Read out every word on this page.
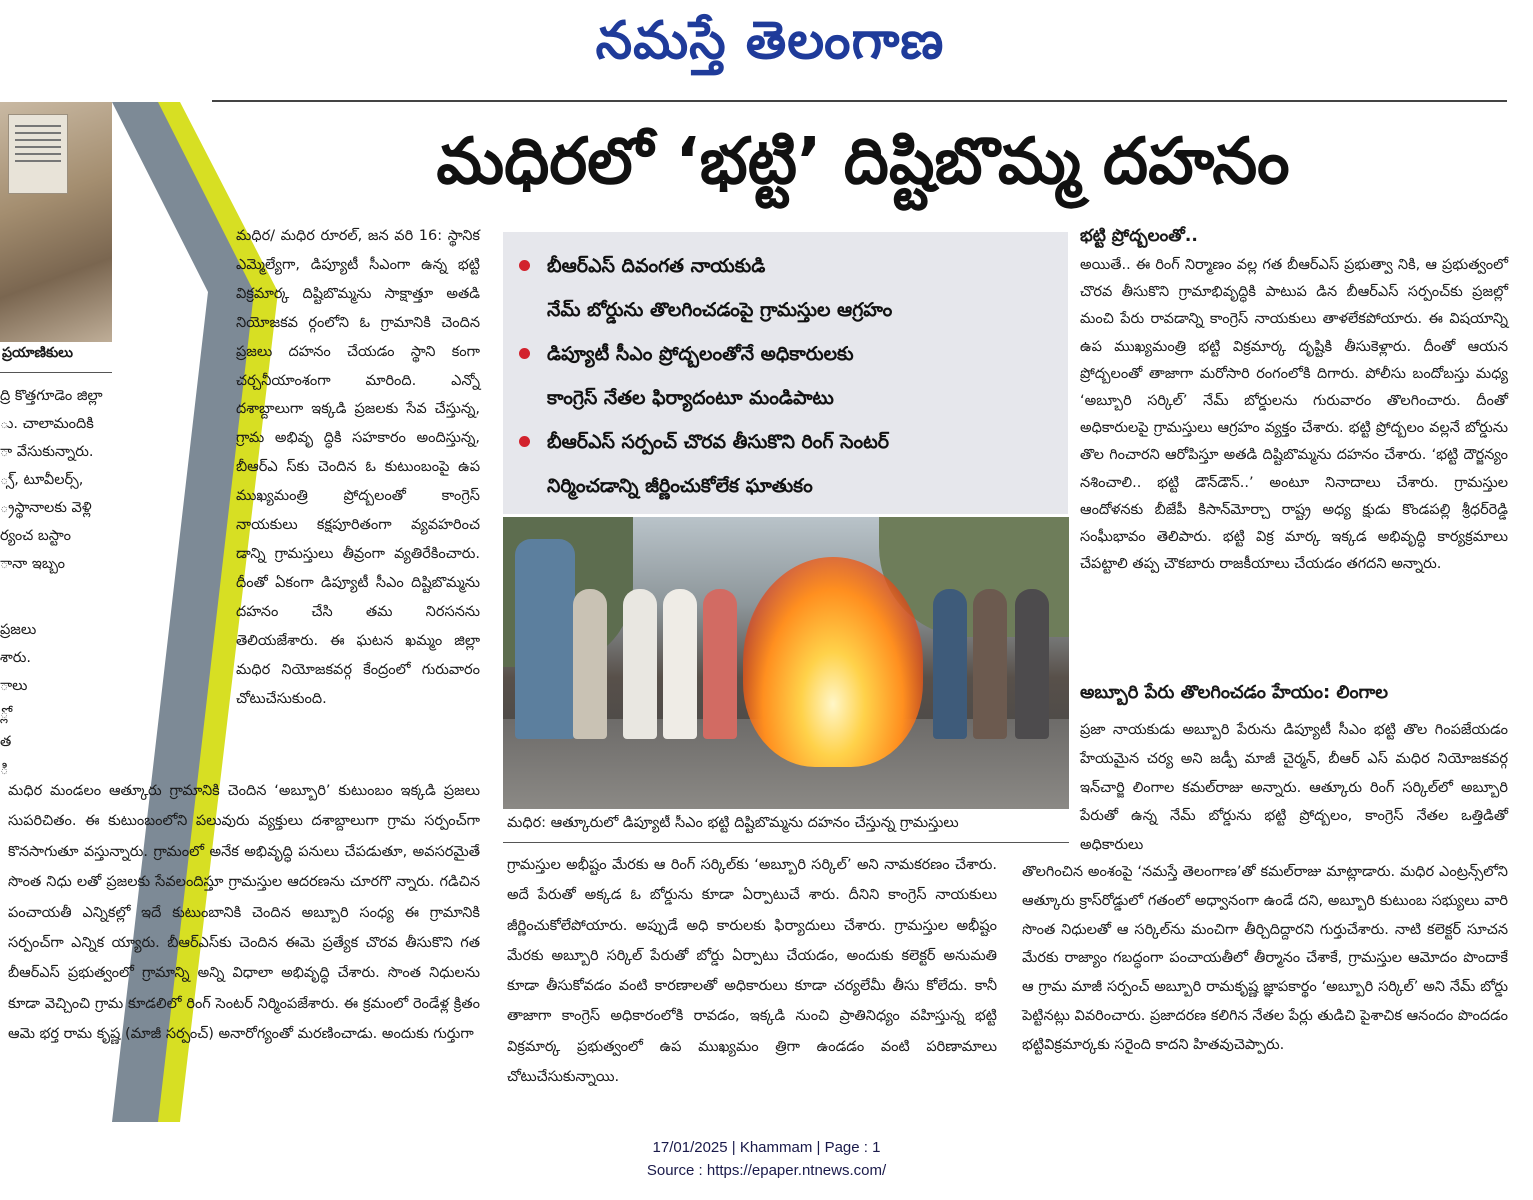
నమస్తే తెలంగాణ
మధిరలో ‘భట్టి’ దిష్టిబొమ్మ దహనం
ప్రయాణికులు

ద్రి కొత్తగూడెం జిల్లా

ు. చాలామందికి

ా వేసుకున్నారు.

్స్, టూవీలర్స్,

్రస్థానాలకు వెళ్లి

ర్యంచ బస్టాం

ానా ఇబ్బం

ప్రజలు

శారు.

ాలు

్లో

త

ి

మధిర/ మధిర రూరల్, జన వరి 16: స్థానిక ఎమ్మెల్యేగా, డిప్యూటీ సీఎంగా ఉన్న భట్టి విక్రమార్క దిష్టిబొమ్మను సాక్షాత్తూ అతడి నియోజకవ ర్గంలోని ఓ గ్రామానికి చెందిన ప్రజలు దహనం చేయడం స్థాని కంగా చర్చనీయాంశంగా మారింది. ఎన్నో దశాబ్దాలుగా ఇక్కడి ప్రజలకు సేవ చేస్తున్న, గ్రామ అభివృ ద్ధికి సహకారం అందిస్తున్న, బీఆర్ఎ స్‌కు చెందిన ఓ కుటుంబంపై ఉప ముఖ్యమంత్రి ప్రోద్బలంతో కాంగ్రెస్ నాయకులు కక్షపూరితంగా వ్యవహరించ డాన్ని గ్రామస్తులు తీవ్రంగా వ్యతిరేకించారు. దీంతో ఏకంగా డిప్యూటీ సీఎం దిష్టిబొమ్మను దహనం చేసి తమ నిరసనను తెలియజేశారు. ఈ ఘటన ఖమ్మం జిల్లా మధిర నియోజకవర్గ కేంద్రంలో గురువారం చోటుచేసుకుంది.
మధిర మండలం ఆత్కూరు గ్రామానికి చెందిన ‘అబ్బూరి’ కుటుంబం ఇక్కడి ప్రజలు సుపరిచితం. ఈ కుటుంబంలోని పలువురు వ్యక్తులు దశాబ్దాలుగా గ్రామ సర్పంచ్‌గా కొనసాగుతూ వస్తున్నారు. గ్రామంలో అనేక అభివృద్ధి పనులు చేపడుతూ, అవసరమైతే సొంత నిధు లతో ప్రజలకు సేవలందిస్తూ గ్రామస్తుల ఆదరణను చూరగొ న్నారు. గడిచిన పంచాయతీ ఎన్నికల్లో ఇదే కుటుంబానికి చెందిన అబ్బూరి సంధ్య ఈ గ్రామానికి సర్పంచ్‌గా ఎన్నిక య్యారు. బీఆర్ఎస్‌కు చెందిన ఈమె ప్రత్యేక చొరవ తీసుకొని గత బీఆర్ఎస్ ప్రభుత్వంలో గ్రామాన్ని అన్ని విధాలా అభివృద్ధి చేశారు. సొంత నిధులను కూడా వెచ్చించి గ్రామ కూడలిలో రింగ్ సెంటర్ నిర్మింపజేశారు. ఈ క్రమంలో రెండేళ్ల క్రితం ఆమె భర్త రామ కృష్ణ (మాజీ సర్పంచ్) అనారోగ్యంతో మరణించాడు. అందుకు గుర్తుగా
బీఆర్ఎస్ దివంగత నాయకుడి
నేమ్ బోర్డును తొలగించడంపై గ్రామస్తుల ఆగ్రహం
డిప్యూటీ సీఎం ప్రోద్బలంతోనే అధికారులకు
కాంగ్రెస్ నేతల ఫిర్యాదంటూ మండిపాటు
బీఆర్ఎస్ సర్పంచ్ చొరవ తీసుకొని రింగ్ సెంటర్
నిర్మించడాన్ని జీర్ణించుకోలేక ఘాతుకం
మధిర: ఆత్కూరులో డిప్యూటీ సీఎం భట్టి దిష్టిబొమ్మను దహనం చేస్తున్న గ్రామస్తులు
గ్రామస్తుల అభీష్టం మేరకు ఆ రింగ్ సర్కిల్‌కు ‘అబ్బూరి సర్కిల్’ అని నామకరణం చేశారు. అదే పేరుతో అక్కడ ఓ బోర్డును కూడా ఏర్పాటుచే శారు. దీనిని కాంగ్రెస్ నాయకులు జీర్ణించుకోలేపోయారు. అప్పుడే అధి కారులకు ఫిర్యాదులు చేశారు. గ్రామస్తుల అభీష్టం మేరకు అబ్బూరి సర్కిల్ పేరుతో బోర్డు ఏర్పాటు చేయడం, అందుకు కలెక్టర్ అనుమతి కూడా తీసుకోవడం వంటి కారణాలతో అధికారులు కూడా చర్యలేమీ తీసు కోలేదు. కానీ తాజాగా కాంగ్రెస్ అధికారంలోకి రావడం, ఇక్కడి నుంచి ప్రాతినిధ్యం వహిస్తున్న భట్టి విక్రమార్క ప్రభుత్వంలో ఉప ముఖ్యమం త్రిగా ఉండడం వంటి పరిణామాలు చోటుచేసుకున్నాయి.
భట్టి ప్రోద్బలంతో..
అయితే.. ఈ రింగ్ నిర్మాణం వల్ల గత బీఆర్ఎస్ ప్రభుత్వా నికి, ఆ ప్రభుత్వంలో చొరవ తీసుకొని గ్రామాభివృద్ధికి పాటుప డిన బీఆర్ఎస్ సర్పంచ్‌కు ప్రజల్లో మంచి పేరు రావడాన్ని కాంగ్రెస్ నాయకులు తాళలేకపోయారు. ఈ విషయాన్ని ఉప ముఖ్యమంత్రి భట్టి విక్రమార్క దృష్టికి తీసుకెళ్లారు. దీంతో ఆయన ప్రోద్బలంతో తాజాగా మరోసారి రంగంలోకి దిగారు. పోలీసు బందోబస్తు మధ్య ‘అబ్బూరి సర్కిల్’ నేమ్ బోర్డులను గురువారం తొలగించారు. దీంతో అధికారులపై గ్రామస్తులు ఆగ్రహం వ్యక్తం చేశారు. భట్టి ప్రోద్బలం వల్లనే బోర్డును తొల గించారని ఆరోపిస్తూ అతడి దిష్టిబొమ్మను దహనం చేశారు. ‘భట్టి దౌర్జన్యం నశించాలి.. భట్టి డౌన్‌డౌన్..’ అంటూ నినాదాలు చేశారు. గ్రామస్తుల ఆందోళనకు బీజేపీ కిసాన్‌మోర్చా రాష్ట్ర అధ్య క్షుడు కొండపల్లి శ్రీధర్‌రెడ్డి సంఘీభావం తెలిపారు. భట్టి విక్ర మార్క ఇక్కడ అభివృద్ధి కార్యక్రమాలు చేపట్టాలి తప్ప చౌకబారు రాజకీయాలు చేయడం తగదని అన్నారు.
అబ్బూరి పేరు తొలగించడం హేయం: లింగాల
ప్రజా నాయకుడు అబ్బూరి పేరును డిప్యూటీ సీఎం భట్టి తొల గింపజేయడం హేయమైన చర్య అని జడ్పీ మాజీ చైర్మన్, బీఆర్ ఎస్ మధిర నియోజకవర్గ ఇన్‌చార్జి లింగాల కమల్‌రాజు అన్నారు. ఆత్కూరు రింగ్ సర్కిల్‌లో అబ్బూరి పేరుతో ఉన్న నేమ్ బోర్డును భట్టి ప్రోద్బలం, కాంగ్రెస్ నేతల ఒత్తిడితో అధికారులు
తొలగించిన అంశంపై ‘నమస్తే తెలంగాణ’తో కమల్‌రాజు మాట్లాడారు. మధిర ఎంట్రన్స్‌లోని ఆత్కూరు క్రాస్‌రోడ్డులో గతంలో అధ్వానంగా ఉండే దని, అబ్బూరి కుటుంబ సభ్యులు వారి సొంత నిధులతో ఆ సర్కిల్‌ను మంచిగా తీర్చిదిద్దారని గుర్తుచేశారు. నాటి కలెక్టర్ సూచన మేరకు రాజ్యాం గబద్ధంగా పంచాయతీలో తీర్మానం చేశాకే, గ్రామస్తుల ఆమోదం పొందాకే ఆ గ్రామ మాజీ సర్పంచ్ అబ్బూరి రామకృష్ణ జ్ఞాపకార్థం ‘అబ్బూరి సర్కిల్’ అని నేమ్ బోర్డు పెట్టినట్లు వివరించారు. ప్రజాదరణ కలిగిన నేతల పేర్లు తుడిచి పైశాచిక ఆనందం పొందడం భట్టివిక్రమార్కకు సరైంది కాదని హితవుచెప్పారు.
17/01/2025 | Khammam | Page : 1
Source : https://epaper.ntnews.com/
